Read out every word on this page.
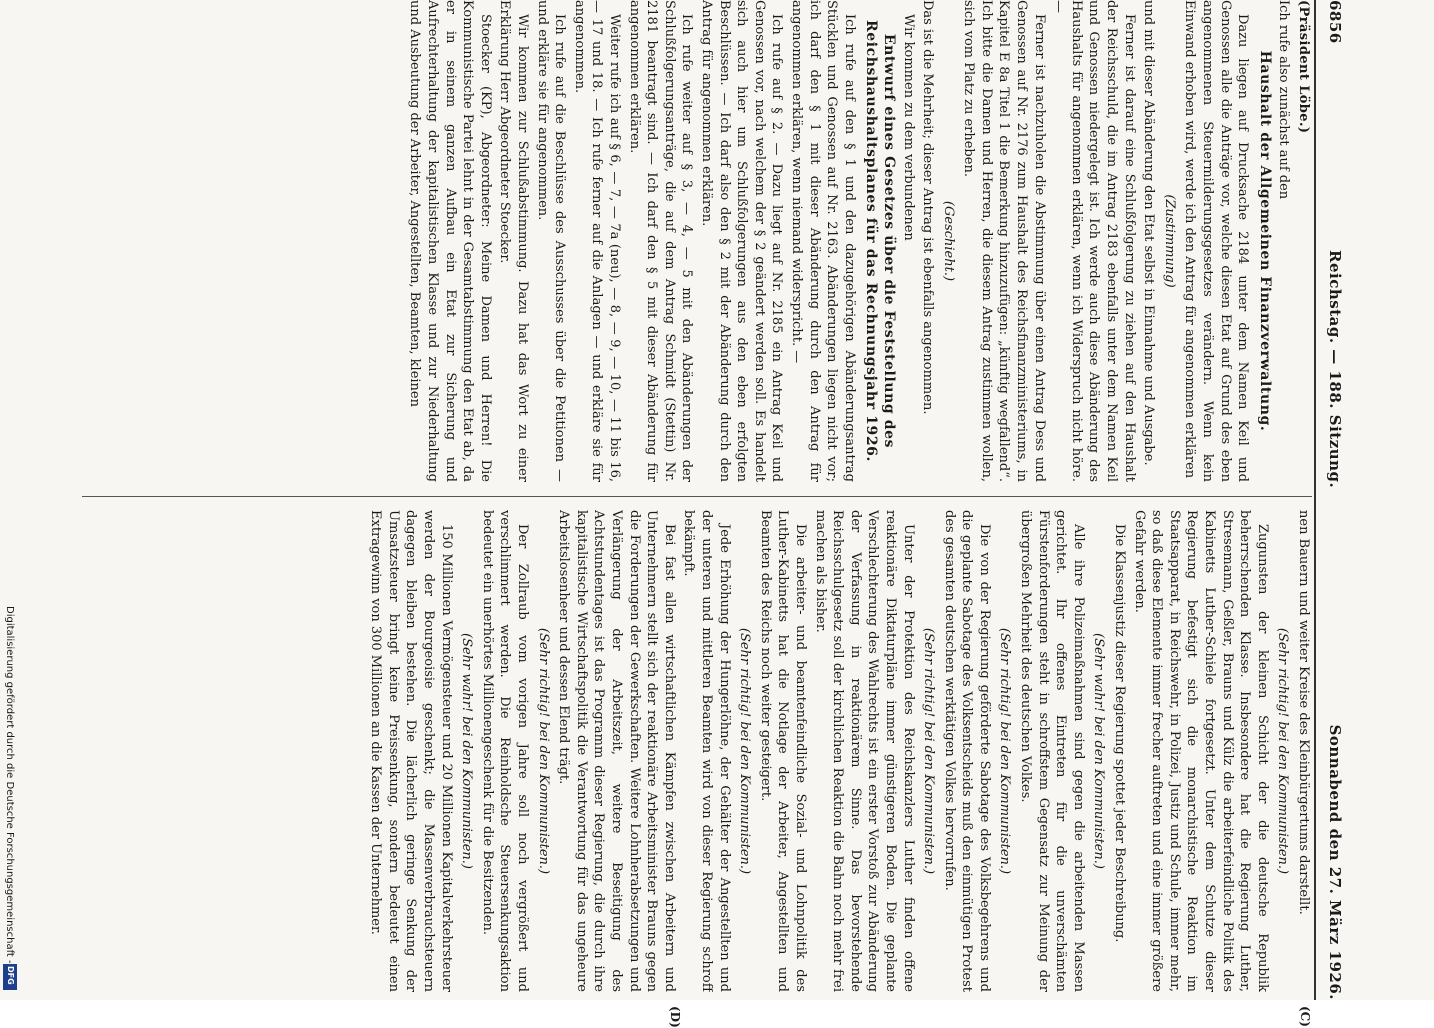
6856
Reichstag. — 188. Sitzung.
Sonnabend den 27. März 1926.
(C)
(D)

(Präsident Löbe.)

Ich rufe also zunächst auf den

Haushalt der Allgemeinen Finanzverwaltung.

Dazu liegen auf Drucksache 2184 unter dem Namen Keil und Genossen alle die Anträge vor, welche diesen Etat auf Grund des eben angenommenen Steuermilderungsgesetzes verändern. Wenn kein Einwand erhoben wird, werde ich den Antrag für angenommen erklären

(Zustimmung)

und mit dieser Abänderung den Etat selbst in Einnahme und Ausgabe.

Ferner ist darauf eine Schlußfolgerung zu ziehen auf den Haushalt der Reichsschuld, die im Antrag 2183 ebenfalls unter dem Namen Keil und Genossen niedergelegt ist. Ich werde auch diese Abänderung des Haushalts für angenommen erklären, wenn ich Widerspruch nicht höre. —

Ferner ist nachzuholen die Abstimmung über einen Antrag Dess und Genossen auf Nr. 2176 zum Haushalt des Reichsfinanzministeriums, in Kapitel E 8a Titel 1 die Bemerkung hinzuzufügen: „künftig wegfallend“. Ich bitte die Damen und Herren, die diesem Antrag zustimmen wollen, sich vom Platz zu erheben.

(Geschieht.)

Das ist die Mehrheit; dieser Antrag ist ebenfalls angenommen.

Wir kommen zu dem verbundenen

Entwurf eines Gesetzes über die Feststellung des Reichshaushaltsplanes für das Rechnungsjahr 1926.

Ich rufe auf den § 1 und den dazugehörigen Abänderungsantrag Stücklen und Genossen auf Nr. 2163. Abänderungen liegen nicht vor; ich darf den § 1 mit dieser Abänderung durch den Antrag für angenommen erklären, wenn niemand widerspricht. —

Ich rufe auf § 2. — Dazu liegt auf Nr. 2185 ein Antrag Keil und Genossen vor, nach welchem der § 2 geändert werden soll. Es handelt sich auch hier um Schlußfolgerungen aus den eben erfolgten Beschlüssen. — Ich darf also den § 2 mit der Abänderung durch den Antrag für angenommen erklären.

Ich rufe weiter auf § 3, — 4, — 5 mit den Abänderungen der Schlußfolgerungsanträge, die auf dem Antrag Schmidt (Stettin) Nr. 2181 beantragt sind. — Ich darf den § 5 mit dieser Abänderung für angenommen erklären.

Weiter rufe ich auf § 6, — 7, — 7a (neu), — 8, — 9, — 10, — 11 bis 16, — 17 und 18. — Ich rufe ferner auf die Anlagen — und erkläre sie für angenommen.

Ich rufe auf die Beschlüsse des Ausschusses über die Petitionen — und erkläre sie für angenommen.

Wir kommen zur Schlußabstimmung. Dazu hat das Wort zu einer Erklärung Herr Abgeordneter Stoecker.

Stoecker (KP), Abgeordneter: Meine Damen und Herren! Die Kommunistische Partei lehnt in der Gesamtabstimmung den Etat ab, da er in seinem ganzen Aufbau ein Etat zur Sicherung und Aufrechterhaltung der kapitalistischen Klasse und zur Niederhaltung und Ausbeutung der Arbeiter, Angestellten, Beamten, kleinen

nen Bauern und weiter Kreise des Kleinbürgertums darstellt.

(Sehr richtig! bei den Kommunisten.)

Zugunsten der kleinen Schicht der die deutsche Republik beherrschenden Klasse. Insbesondere hat die Regierung Luther, Stresemann, Geßler, Brauns und Külz die arbeiterfeindliche Politik des Kabinetts Luther-Schiele fortgesetzt. Unter dem Schutze dieser Regierung befestigt sich die monarchistische Reaktion im Staatsapparat, in Reichswehr, in Polizei, Justiz und Schule, immer mehr, so daß diese Elemente immer frecher auftreten und eine immer größere Gefahr werden.

Die Klassenjustiz dieser Regierung spottet jeder Beschreibung.

(Sehr wahr! bei den Kommunisten.)

Alle ihre Polizeimaßnahmen sind gegen die arbeitenden Massen gerichtet. Ihr offenes Eintreten für die unverschämten Fürstenforderungen steht in schroffstem Gegensatz zur Meinung der übergroßen Mehrheit des deutschen Volkes.

(Sehr richtig! bei den Kommunisten.)

Die von der Regierung geförderte Sabotage des Volksbegehrens und die geplante Sabotage des Volksentscheids muß den einmütigen Protest des gesamten deutschen werktätigen Volkes hervorrufen.

(Sehr richtig! bei den Kommunisten.)

Unter der Protektion des Reichskanzlers Luther finden offene reaktionäre Diktaturpläne immer günstigeren Boden. Die geplante Verschlechterung des Wahlrechts ist ein erster Vorstoß zur Abänderung der Verfassung in reaktionärem Sinne. Das bevorstehende Reichsschulgesetz soll der kirchlichen Reaktion die Bahn noch mehr frei machen als bisher.

Die arbeiter- und beamtenfeindliche Sozial- und Lohnpolitik des Luther-Kabinetts hat die Notlage der Arbeiter, Angestellten und Beamten des Reichs noch weiter gesteigert.

(Sehr richtig! bei den Kommunisten.)

Jede Erhöhung der Hungerlöhne, der Gehälter der Angestellten und der unteren und mittleren Beamten wird von dieser Regierung schroff bekämpft.

Bei fast allen wirtschaftlichen Kämpfen zwischen Arbeitern und Unternehmern stellt sich der reaktionäre Arbeitsminister Brauns gegen die Forderungen der Gewerkschaften. Weitere Lohnherabsetzungen und Verlängerung der Arbeitszeit, weitere Beseitigung des Achtstundentages ist das Programm dieser Regierung, die durch ihre kapitalistische Wirtschaftspolitik die Verantwortung für das ungeheure Arbeitslosenheer und dessen Elend trägt.

(Sehr richtig! bei den Kommunisten.)

Der Zollraub vom vorigen Jahre soll noch vergrößert und verschlimmert werden. Die Reinholdsche Steuersenkungsaktion bedeutet ein unerhörtes Millionengeschenk für die Besitzenden.

(Sehr wahr! bei den Kommunisten.)

150 Millionen Vermögensteuer und 20 Millionen Kapitalverkehrsteuer werden der Bourgeoisie geschenkt; die Massenverbrauchsteuern dagegen bleiben bestehen. Die lächerlich geringe Senkung der Umsatzsteuer bringt keine Preissenkung, sondern bedeutet einen Extragewinn von 300 Millionen an die Kassen der Unternehmer.

Digitalisierung gefördert durch die Deutsche Forschungsgemeinschaft -
DFG
